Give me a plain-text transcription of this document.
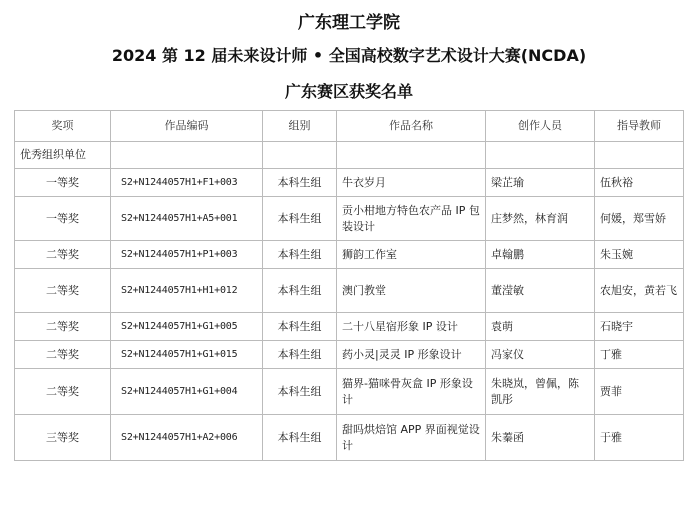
广东理工学院
2024 第 12 届未来设计师 • 全国高校数字艺术设计大赛(NCDA)
广东赛区获奖名单
奖项	作品编码	组别	作品名称	创作人员	指导教师
优秀组织单位					
一等奖	S2+N1244057H1+F1+003	本科生组	牛衣岁月	梁芷瑜	伍秋裕
一等奖	S2+N1244057H1+A5+001	本科生组	贡小柑地方特色农产品 IP 包装设计	庄梦然，林育润	何媛，郑雪娇
二等奖	S2+N1244057H1+P1+003	本科生组	狮韵工作室	卓翰鹏	朱玉婉
二等奖	S2+N1244057H1+H1+012	本科生组	澳门教堂	董滢敏	农旭安，黄若飞
二等奖	S2+N1244057H1+G1+005	本科生组	二十八星宿形象 IP 设计	袁萌	石晓宇
二等奖	S2+N1244057H1+G1+015	本科生组	药小灵|灵灵 IP 形象设计	冯家仪	丁雅
二等奖	S2+N1244057H1+G1+004	本科生组	猫界-猫咪骨灰盒 IP 形象设计	朱晓岚，曾佩，陈凯彤	贾菲
三等奖	S2+N1244057H1+A2+006	本科生组	甜吗烘焙馆 APP 界面视觉设计	朱蓁函	于雅
